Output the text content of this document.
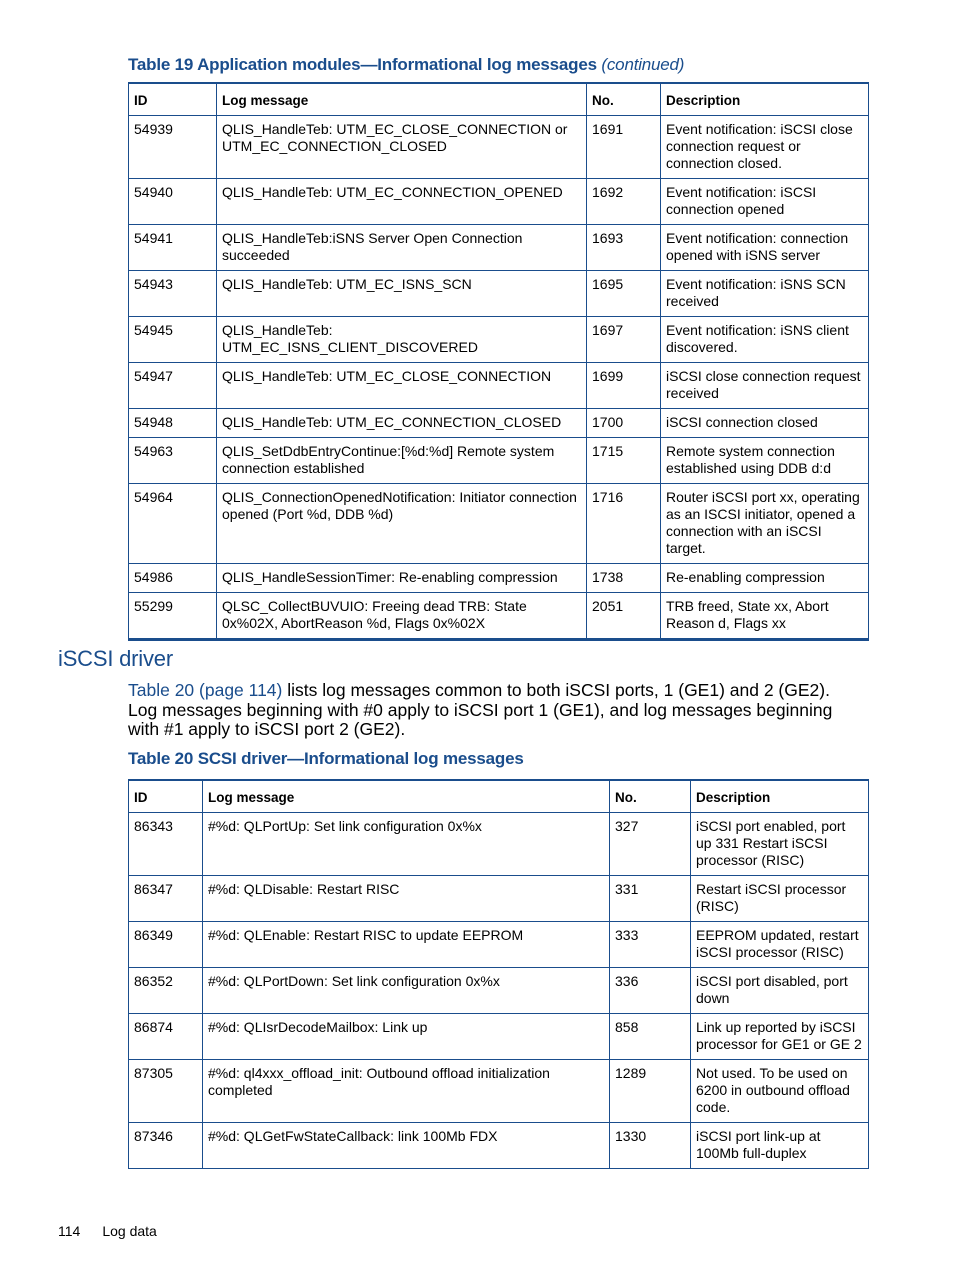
Table 19 Application modules—Informational log messages (continued)
ID	Log message	No.	Description
54939	QLIS_HandleTeb: UTM_EC_CLOSE_CONNECTION or UTM_EC_CONNECTION_CLOSED	1691	Event notification: iSCSI close connection request or connection closed.
54940	QLIS_HandleTeb: UTM_EC_CONNECTION_OPENED	1692	Event notification: iSCSI connection opened
54941	QLIS_HandleTeb:iSNS Server Open Connection succeeded	1693	Event notification: connection opened with iSNS server
54943	QLIS_HandleTeb: UTM_EC_ISNS_SCN	1695	Event notification: iSNS SCN received
54945	QLIS_HandleTeb: UTM_EC_ISNS_CLIENT_DISCOVERED	1697	Event notification: iSNS client discovered.
54947	QLIS_HandleTeb: UTM_EC_CLOSE_CONNECTION	1699	iSCSI close connection request received
54948	QLIS_HandleTeb: UTM_EC_CONNECTION_CLOSED	1700	iSCSI connection closed
54963	QLIS_SetDdbEntryContinue:[%d:%d] Remote system connection established	1715	Remote system connection established using DDB d:d
54964	QLIS_ConnectionOpenedNotification: Initiator connection opened (Port %d, DDB %d)	1716	Router iSCSI port xx, operating as an ISCSI initiator, opened a connection with an iSCSI target.
54986	QLIS_HandleSessionTimer: Re-enabling compression	1738	Re-enabling compression
55299	QLSC_CollectBUVUIO: Freeing dead TRB: State 0x%02X, AbortReason %d, Flags 0x%02X	2051	TRB freed, State xx, Abort Reason d, Flags xx
iSCSI driver

Table 20 (page 114) lists log messages common to both iSCSI ports, 1 (GE1) and 2 (GE2). Log messages beginning with #0 apply to iSCSI port 1 (GE1), and log messages beginning with #1 apply to iSCSI port 2 (GE2).

Table 20 SCSI driver—Informational log messages
ID	Log message	No.	Description
86343	#%d: QLPortUp: Set link configuration 0x%x	327	iSCSI port enabled, port up 331 Restart iSCSI processor (RISC)
86347	#%d: QLDisable: Restart RISC	331	Restart iSCSI processor (RISC)
86349	#%d: QLEnable: Restart RISC to update EEPROM	333	EEPROM updated, restart iSCSI processor (RISC)
86352	#%d: QLPortDown: Set link configuration 0x%x	336	iSCSI port disabled, port down
86874	#%d: QLIsrDecodeMailbox: Link up	858	Link up reported by iSCSI processor for GE1 or GE 2
87305	#%d: ql4xxx_offload_init: Outbound offload initialization completed	1289	Not used. To be used on 6200 in outbound offload code.
87346	#%d: QLGetFwStateCallback: link 100Mb FDX	1330	iSCSI port link-up at 100Mb full-duplex
114 Log data
